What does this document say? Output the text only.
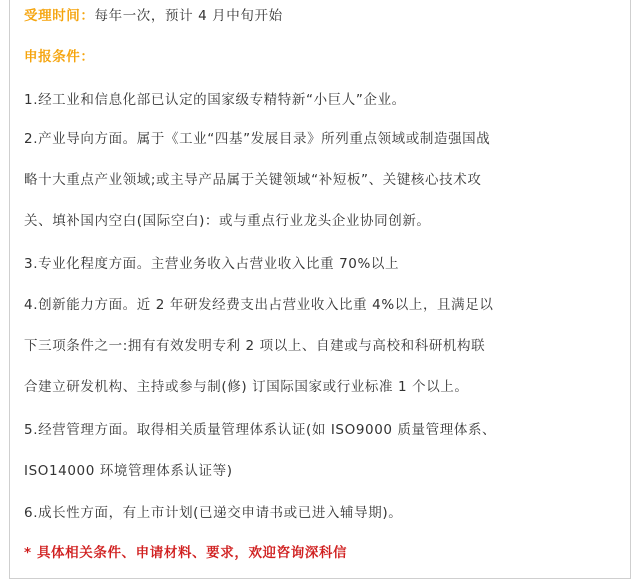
受理时间：每年一次，预计 4 月中旬开始
申报条件：
1.经工业和信息化部已认定的国家级专精特新“小巨人”企业。
2.产业导向方面。属于《工业“四基”发展目录》所列重点领域或制造强国战
略十大重点产业领域;或主导产品属于关键领域“补短板”、关键核心技术攻
关、填补国内空白(国际空白)：或与重点行业龙头企业协同创新。
3.专业化程度方面。主营业务收入占营业收入比重 70%以上
4.创新能力方面。近 2 年研发经费支出占营业收入比重 4%以上，且满足以
下三项条件之一:拥有有效发明专利 2 项以上、自建或与高校和科研机构联
合建立研发机构、主持或参与制(修) 订国际国家或行业标准 1 个以上。
5.经营管理方面。取得相关质量管理体系认证(如 ISO9000 质量管理体系、
ISO14000 环境管理体系认证等)
6.成长性方面，有上市计划(已递交申请书或已进入辅导期)。
* 具体相关条件、申请材料、要求，欢迎咨询深科信
